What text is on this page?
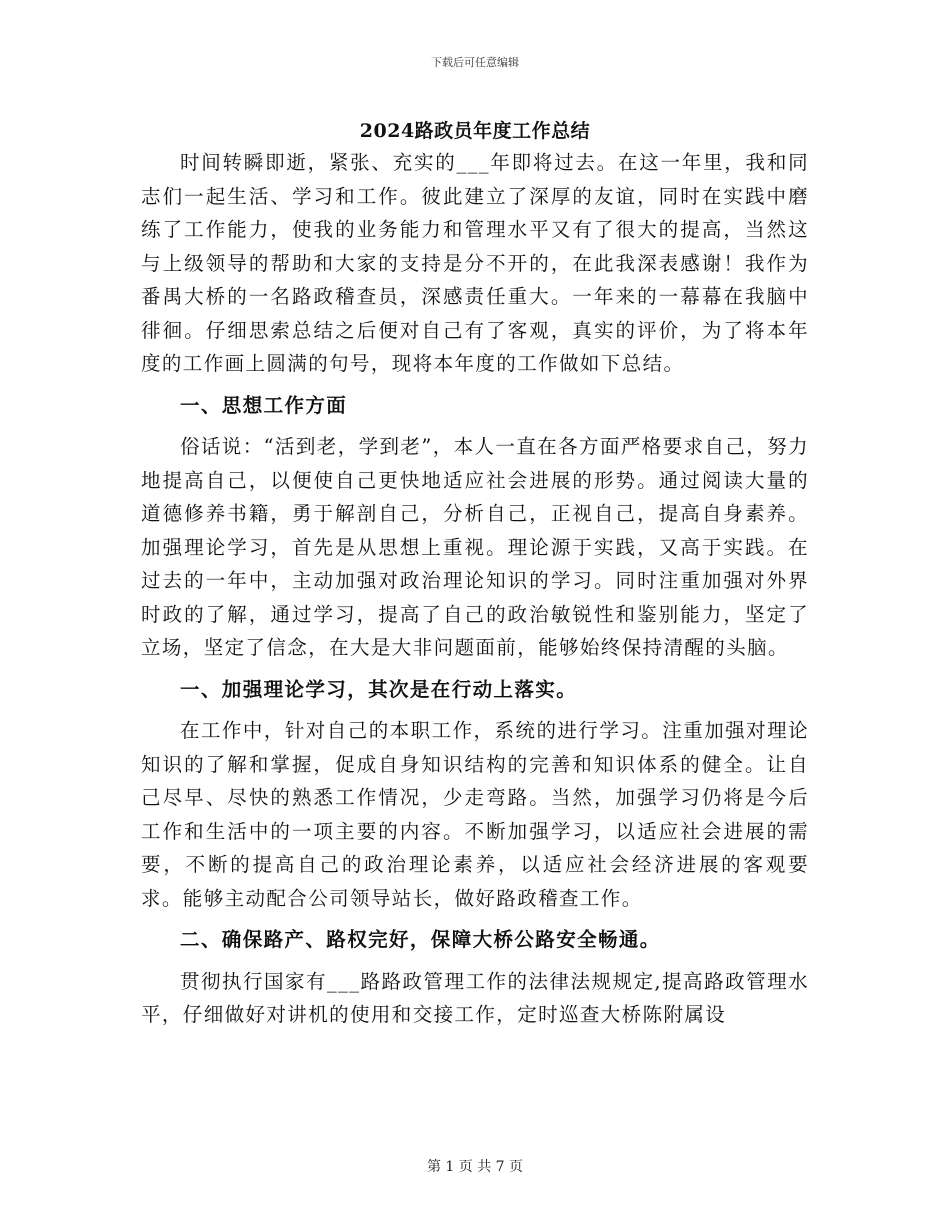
下载后可任意编辑
2024路政员年度工作总结

时间转瞬即逝，紧张、充实的___年即将过去。在这一年里，我和同志们一起生活、学习和工作。彼此建立了深厚的友谊，同时在实践中磨练了工作能力，使我的业务能力和管理水平又有了很大的提高，当然这与上级领导的帮助和大家的支持是分不开的，在此我深表感谢！我作为番禺大桥的一名路政稽查员，深感责任重大。一年来的一幕幕在我脑中徘徊。仔细思索总结之后便对自己有了客观，真实的评价，为了将本年度的工作画上圆满的句号，现将本年度的工作做如下总结。

一、思想工作方面

俗话说：“活到老，学到老”，本人一直在各方面严格要求自己，努力地提高自己，以便使自己更快地适应社会进展的形势。通过阅读大量的道德修养书籍，勇于解剖自己，分析自己，正视自己，提高自身素养。加强理论学习，首先是从思想上重视。理论源于实践，又高于实践。在过去的一年中，主动加强对政治理论知识的学习。同时注重加强对外界时政的了解，通过学习，提高了自己的政治敏锐性和鉴别能力，坚定了立场，坚定了信念，在大是大非问题面前，能够始终保持清醒的头脑。

一、加强理论学习，其次是在行动上落实。

在工作中，针对自己的本职工作，系统的进行学习。注重加强对理论知识的了解和掌握，促成自身知识结构的完善和知识体系的健全。让自己尽早、尽快的熟悉工作情况，少走弯路。当然，加强学习仍将是今后工作和生活中的一项主要的内容。不断加强学习，以适应社会进展的需要，不断的提高自己的政治理论素养，以适应社会经济进展的客观要求。能够主动配合公司领导站长，做好路政稽查工作。

二、确保路产、路权完好，保障大桥公路安全畅通。

贯彻执行国家有___路路政管理工作的法律法规规定,提高路政管理水平，仔细做好对讲机的使用和交接工作，定时巡查大桥陈附属设

第 1 页 共 7 页
